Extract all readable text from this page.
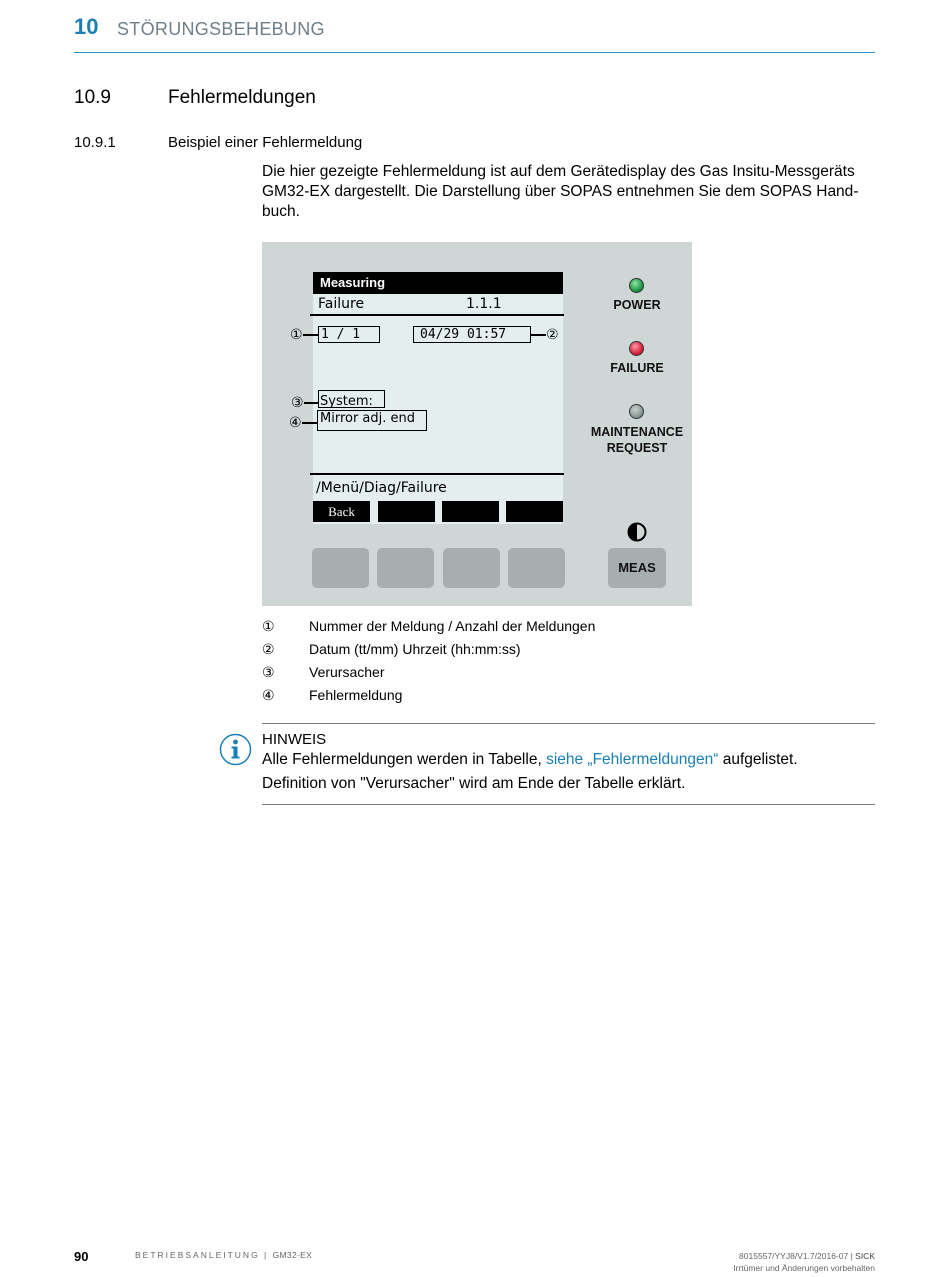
10 STÖRUNGSBEHEBUNG
10.9	Fehlermeldungen
10.9.1	Beispiel einer Fehlermeldung
Die hier gezeigte Fehlermeldung ist auf dem Gerätedisplay des Gas Insitu-Messgeräts GM32-EX dargestellt. Die Darstellung über SOPAS entnehmen Sie dem SOPAS Handbuch.
Measuring
Failure	1.1.1
1 / 1	04/29 01:57
System:
Mirror adj. end
①	②
③
④
/Menü/Diag/Failure
Back
POWER
FAILURE
MAINTENANCE REQUEST
MEAS
① Nummer der Meldung / Anzahl der Meldungen
② Datum (tt/mm) Uhrzeit (hh:mm:ss)
③ Verursacher
④ Fehlermeldung
HINWEIS
Alle Fehlermeldungen werden in Tabelle, siehe „Fehlermeldungen“ aufgelistet.
Definition von "Verursacher" wird am Ende der Tabelle erklärt.
90	BETRIEBSANLEITUNG | GM32-EX	8015557/YYJ8/V1.7/2016-07 | SICK
Irrtümer und Änderungen vorbehalten
